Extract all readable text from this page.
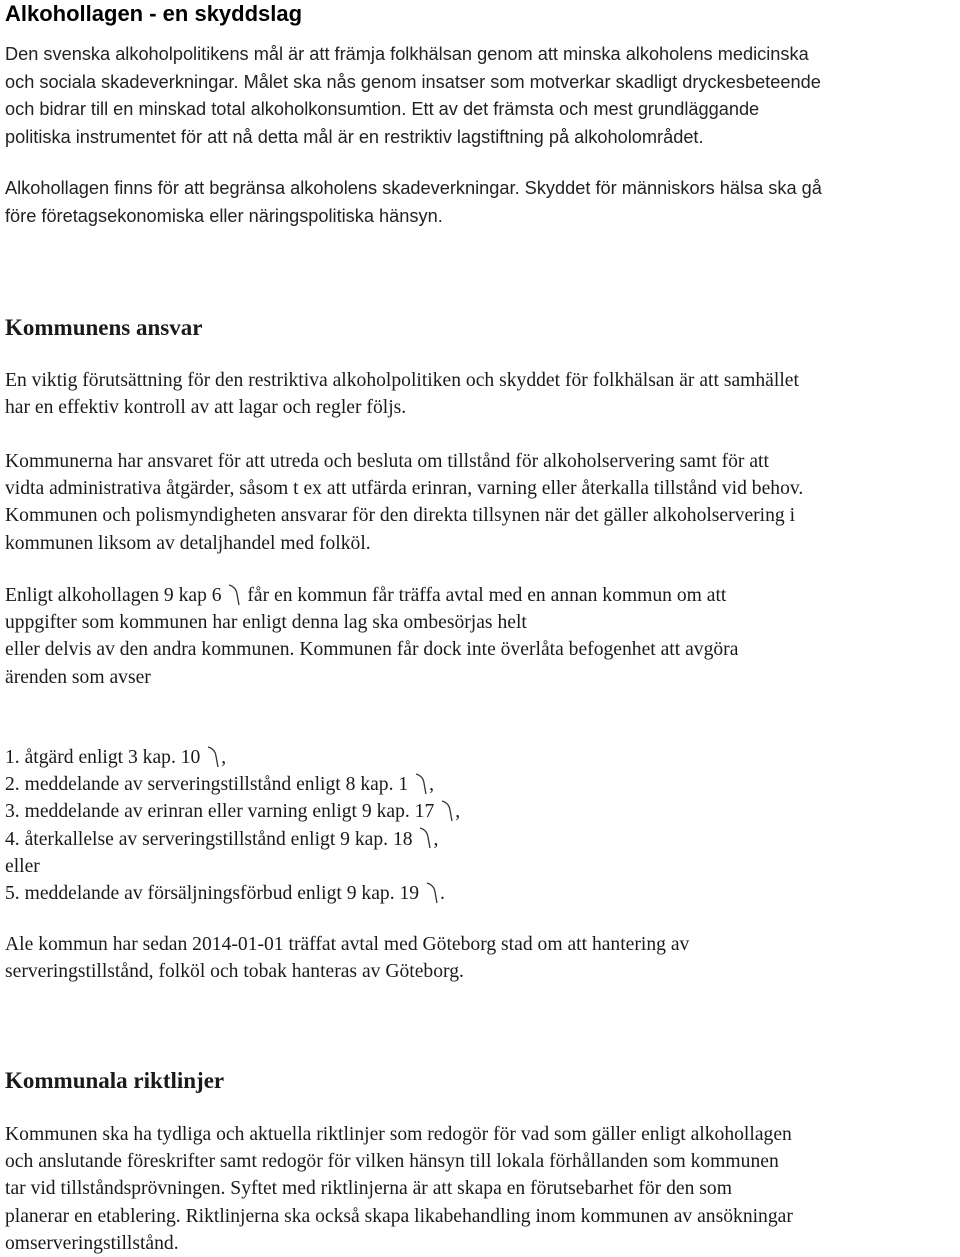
Alkohollagen - en skyddslag

Den svenska alkoholpolitikens mål är att främja folkhälsan genom att minska alkoholens medicinska
och sociala skadeverkningar. Målet ska nås genom insatser som motverkar skadligt dryckesbeteende
och bidrar till en minskad total alkoholkonsumtion. Ett av det främsta och mest grundläggande
politiska instrumentet för att nå detta mål är en restriktiv lagstiftning på alkoholområdet.

Alkohollagen finns för att begränsa alkoholens skadeverkningar. Skyddet för människors hälsa ska gå
före företagsekonomiska eller näringspolitiska hänsyn.

Kommunens ansvar

En viktig förutsättning för den restriktiva alkoholpolitiken och skyddet för folkhälsan är att samhället
har en effektiv kontroll av att lagar och regler följs.

Kommunerna har ansvaret för att utreda och besluta om tillstånd för alkoholservering samt för att
vidta administrativa åtgärder, såsom t ex att utfärda erinran, varning eller återkalla tillstånd vid behov.
Kommunen och polismyndigheten ansvarar för den direkta tillsynen när det gäller alkoholservering i
kommunen liksom av detaljhandel med folköl.

Enligt alkohollagen 9 kap 6 får en kommun får träffa avtal med en annan kommun om att
uppgifter som kommunen har enligt denna lag ska ombesörjas helt
eller delvis av den andra kommunen. Kommunen får dock inte överlåta befogenhet att avgöra
ärenden som avser

1. åtgärd enligt 3 kap. 10 ,
2. meddelande av serveringstillstånd enligt 8 kap. 1 ,
3. meddelande av erinran eller varning enligt 9 kap. 17 ,
4. återkallelse av serveringstillstånd enligt 9 kap. 18 ,
eller
5. meddelande av försäljningsförbud enligt 9 kap. 19 .

Ale kommun har sedan 2014-01-01 träffat avtal med Göteborg stad om att hantering av
serveringstillstånd, folköl och tobak hanteras av Göteborg.

Kommunala riktlinjer

Kommunen ska ha tydliga och aktuella riktlinjer som redogör för vad som gäller enligt alkohollagen
och anslutande föreskrifter samt redogör för vilken hänsyn till lokala förhållanden som kommunen
tar vid tillståndsprövningen. Syftet med riktlinjerna är att skapa en förutsebarhet för den som
planerar en etablering. Riktlinjerna ska också skapa likabehandling inom kommunen av ansökningar
omserveringstillstånd.
